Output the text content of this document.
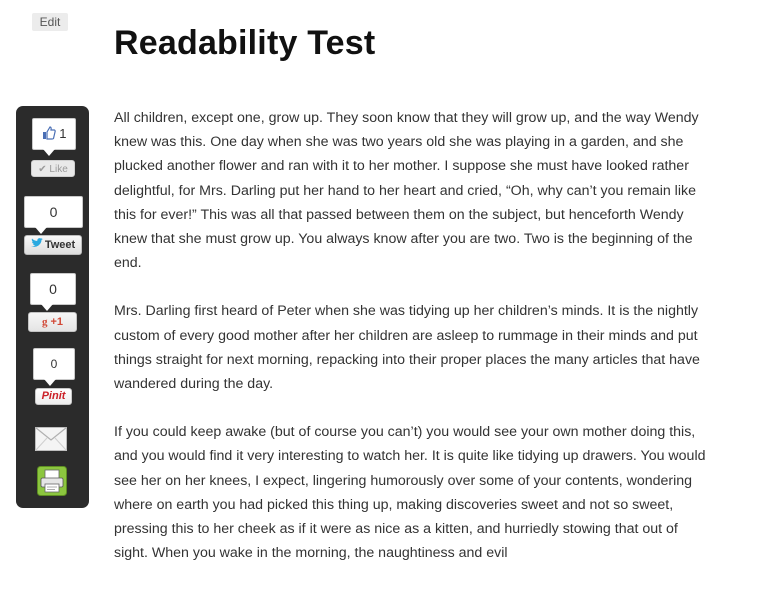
Edit
Readability Test

All children, except one, grow up. They soon know that they will grow up, and the way Wendy knew was this. One day when she was two years old she was playing in a garden, and she plucked another flower and ran with it to her mother. I suppose she must have looked rather delightful, for Mrs. Darling put her hand to her heart and cried, “Oh, why can’t you remain like this for ever!” This was all that passed between them on the subject, but henceforth Wendy knew that she must grow up. You always know after you are two. Two is the beginning of the end.

Mrs. Darling first heard of Peter when she was tidying up her children’s minds. It is the nightly custom of every good mother after her children are asleep to rummage in their minds and put things straight for next morning, repacking into their proper places the many articles that have wandered during the day.

If you could keep awake (but of course you can’t) you would see your own mother doing this, and you would find it very interesting to watch her. It is quite like tidying up drawers. You would see her on her knees, I expect, lingering humorously over some of your contents, wondering where on earth you had picked this thing up, making discoveries sweet and not so sweet, pressing this to her cheek as if it were as nice as a kitten, and hurriedly stowing that out of sight. When you wake in the morning, the naughtiness and evil

1
✔ Like
0
Tweet
0
g +1
0
Pinit
